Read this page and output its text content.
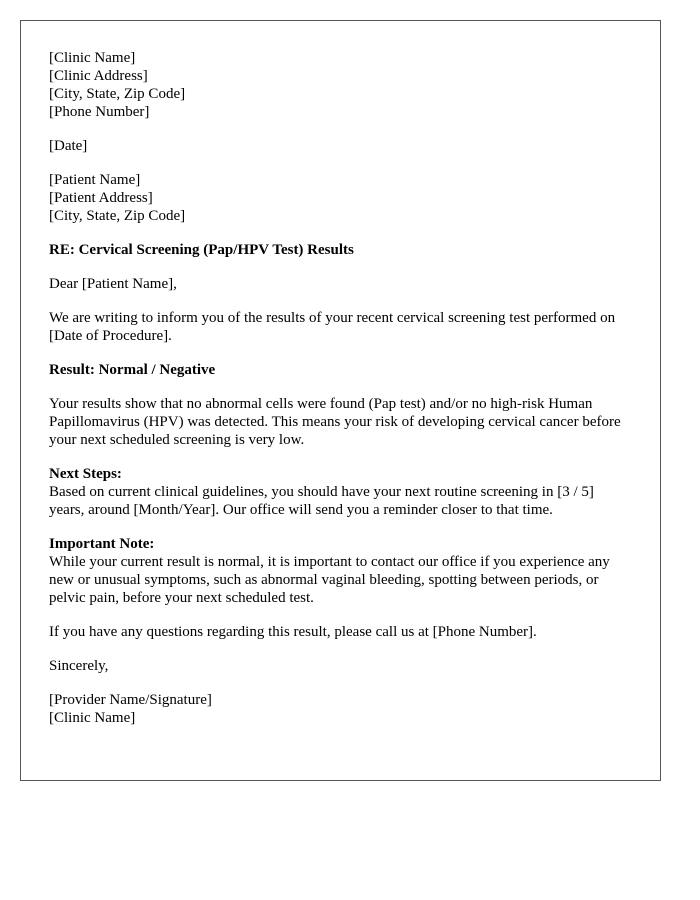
[Clinic Name]
[Clinic Address]
[City, State, Zip Code]
[Phone Number]
[Date]
[Patient Name]
[Patient Address]
[City, State, Zip Code]

RE: Cervical Screening (Pap/HPV Test) Results

Dear [Patient Name],

We are writing to inform you of the results of your recent cervical screening test performed on [Date of Procedure].

Result: Normal / Negative

Your results show that no abnormal cells were found (Pap test) and/or no high-risk Human Papillomavirus (HPV) was detected. This means your risk of developing cervical cancer before your next scheduled screening is very low.

Next Steps:
Based on current clinical guidelines, you should have your next routine screening in [3 / 5] years, around [Month/Year]. Our office will send you a reminder closer to that time.
Important Note:
While your current result is normal, it is important to contact our office if you experience any new or unusual symptoms, such as abnormal vaginal bleeding, spotting between periods, or pelvic pain, before your next scheduled test.

If you have any questions regarding this result, please call us at [Phone Number].

Sincerely,

[Provider Name/Signature]
[Clinic Name]
